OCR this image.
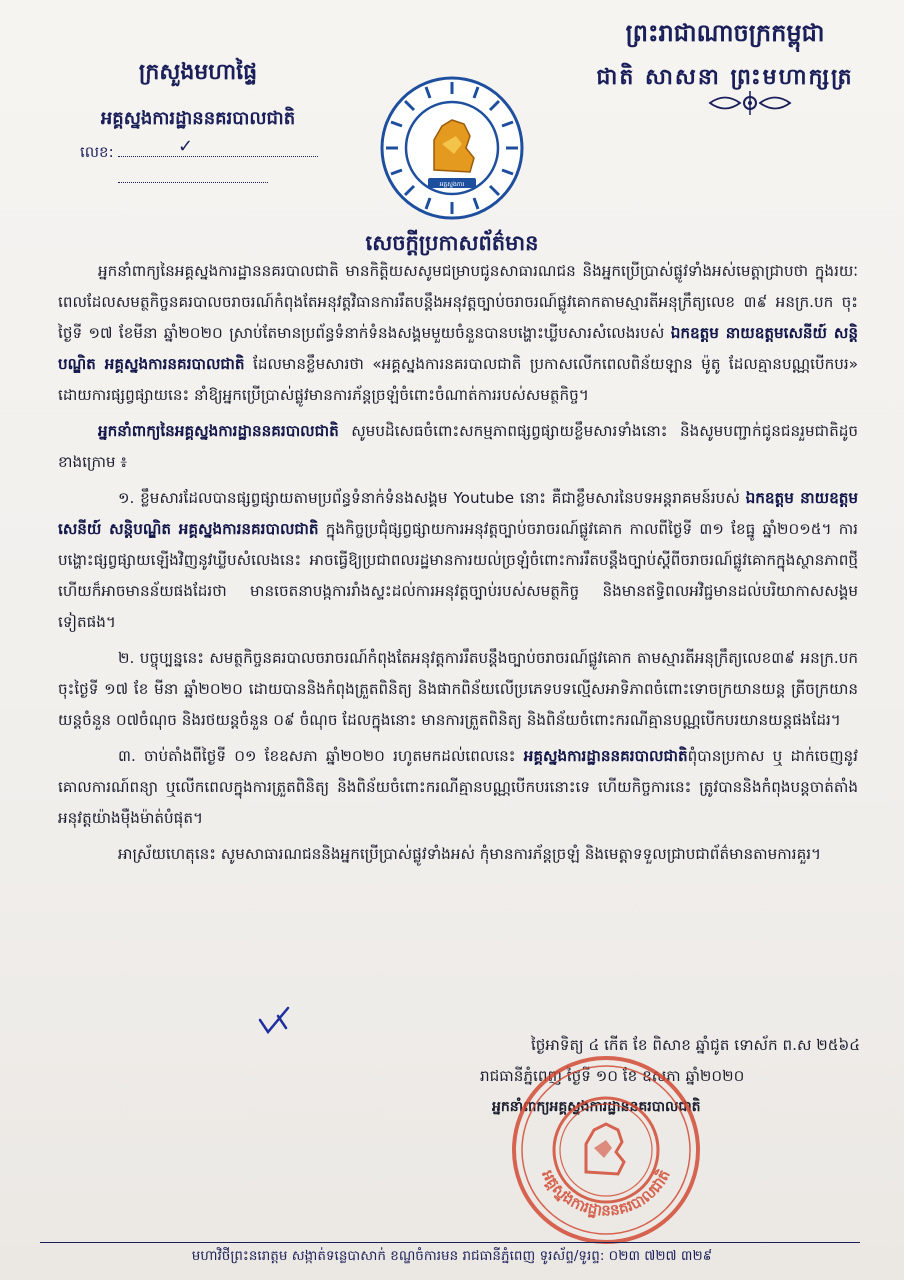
ក្រសួងមហាផ្ទៃ
អគ្គស្នងការដ្ឋាននគរបាលជាតិ
លេខ:	✓
អគ្គស្នងការ
ព្រះរាជាណាចក្រកម្ពុជា
ជាតិ សាសនា ព្រះមហាក្សត្រ
សេចក្ដីប្រកាសព័ត៌មាន

អ្នកនាំពាក្យនៃអគ្គស្នងការដ្ឋាននគរបាលជាតិ មានកិត្តិយសសូមជម្រាបជូនសាធារណជន និងអ្នកប្រើប្រាស់ផ្លូវទាំងអស់មេត្តាជ្រាបថា ក្នុងរយៈពេលដែលសមត្ថកិច្ចនគរបាលចរាចរណ៍កំពុងតែអនុវត្តវិធានការរឹតបន្តឹងអនុវត្តច្បាប់ចរាចរណ៍ផ្លូវគោកតាមស្មារតីអនុក្រឹត្យលេខ ៣៩ អនក្រ.បក ចុះថ្ងៃទី ១៧ ខែមីនា ឆ្នាំ២០២០ ស្រាប់តែមានប្រព័ន្ធទំនាក់ទំនងសង្គមមួយចំនួនបានបង្ហោះឃ្លីបសារសំលេងរបស់ ឯកឧត្តម នាយឧត្តមសេនីយ៍ សន្តិបណ្ឌិត អគ្គស្នងការនគរបាលជាតិ ដែលមានខ្លឹមសារថា «អគ្គស្នងការនគរបាលជាតិ ប្រកាសលើកពេលពិន័យឡាន ម៉ូតូ ដែលគ្មានបណ្ណបើកបរ» ដោយការផ្សព្វផ្សាយនេះ នាំឱ្យអ្នកប្រើប្រាស់ផ្លូវមានការភ័ន្តច្រឡំចំពោះចំណាត់ការរបស់សមត្ថកិច្ច។

អ្នកនាំពាក្យនៃអគ្គស្នងការដ្ឋាននគរបាលជាតិ សូមបដិសេធចំពោះសកម្មភាពផ្សព្វផ្សាយខ្លឹមសារទាំងនោះ និងសូមបញ្ជាក់ជូនជនរួមជាតិដូចខាងក្រោម ៖

១. ខ្លឹមសារដែលបានផ្សព្វផ្សាយតាមប្រព័ន្ធទំនាក់ទំនងសង្គម Youtube នោះ គឺជាខ្លឹមសារនៃបទអន្តរាគមន៍របស់ ឯកឧត្តម នាយឧត្តមសេនីយ៍ សន្តិបណ្ឌិត អគ្គស្នងការនគរបាលជាតិ ក្នុងកិច្ចប្រជុំផ្សព្វផ្សាយការអនុវត្តច្បាប់ចរាចរណ៍ផ្លូវគោក កាលពីថ្ងៃទី ៣១ ខែធ្នូ ឆ្នាំ២០១៥។ ការបង្ហោះផ្សព្វផ្សាយឡើងវិញនូវឃ្លីបសំលេងនេះ អាចធ្វើឱ្យប្រជាពលរដ្ឋមានការយល់ច្រឡំចំពោះការរឹតបន្តឹងច្បាប់ស្ដីពីចរាចរណ៍ផ្លូវគោកក្នុងស្ថានភាពថ្មី ហើយក៏អាចមានន័យផងដែរថា មានចេតនាបង្កការរាំងស្ទះដល់ការអនុវត្តច្បាប់របស់សមត្ថកិច្ច និងមានឥទ្ធិពលអវិជ្ជមានដល់បរិយាកាសសង្គមទៀតផង។

២. បច្ចុប្បន្ននេះ សមត្ថកិច្ចនគរបាលចរាចរណ៍កំពុងតែអនុវត្តការរឹតបន្តឹងច្បាប់ចរាចរណ៍ផ្លូវគោក តាមស្មារតីអនុក្រឹត្យលេខ៣៩ អនក្រ.បក ចុះថ្ងៃទី ១៧ ខែ មីនា ឆ្នាំ២០២០ ដោយបាននិងកំពុងត្រួតពិនិត្យ និងផាកពិន័យលើប្រភេទបទល្មើសអាទិភាពចំពោះទោចក្រយានយន្ត ត្រីចក្រយានយន្តចំនួន ០៧ចំណុច និងរថយន្តចំនួន ០៩ ចំណុច ដែលក្នុងនោះ មានការត្រួតពិនិត្យ និងពិន័យចំពោះករណីគ្មានបណ្ណបើកបរយានយន្តផងដែរ។

៣. ចាប់តាំងពីថ្ងៃទី ០១ ខែឧសភា ឆ្នាំ២០២០ រហូតមកដល់ពេលនេះ អគ្គស្នងការដ្ឋាននគរបាលជាតិពុំបានប្រកាស ឬ ដាក់ចេញនូវគោលការណ៍ពន្យា ឬលើកពេលក្នុងការត្រួតពិនិត្យ និងពិន័យចំពោះករណីគ្មានបណ្ណបើកបរនោះទេ ហើយកិច្ចការនេះ ត្រូវបាននិងកំពុងបន្តចាត់តាំងអនុវត្តយ៉ាងម៉ឺងម៉ាត់បំផុត។

អាស្រ័យហេតុនេះ សូមសាធារណជននិងអ្នកប្រើប្រាស់ផ្លូវទាំងអស់ កុំមានការភ័ន្តច្រឡំ និងមេត្តាទទួលជ្រាបជាព័ត៌មានតាមការគួរ។

ថ្ងៃអាទិត្យ ៤ កើត ខែ ពិសាខ ឆ្នាំជូត ទោស័ក ព.ស ២៥៦៤
រាជធានីភ្នំពេញ ថ្ងៃទី ១០ ខែ ឧសភា ឆ្នាំ២០២០
អ្នកនាំពាក្យអគ្គស្នងការដ្ឋាននគរបាលជាតិ
អគ្គស្នងការដ្ឋាននគរបាលជាតិ
មហាវិថីព្រះនរោត្តម សង្កាត់ទន្លេបាសាក់ ខណ្ឌចំការមន រាជធានីភ្នំពេញ ទូរស័ព្ទ/ទូរព្ទ: ០២៣ ៧២៧ ៣២៩
